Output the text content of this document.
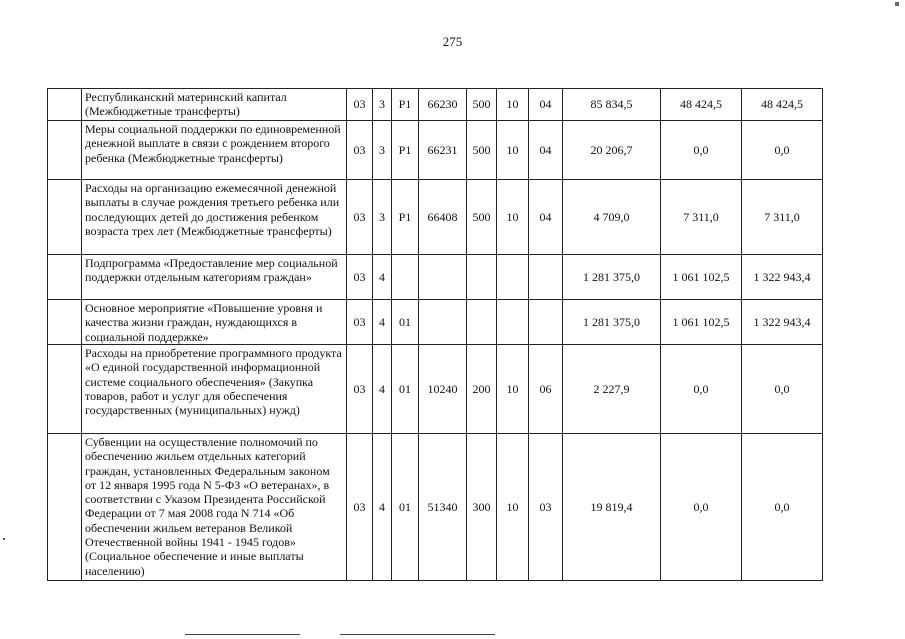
275
	Республиканский материнский капитал (Межбюджетные трансферты)	03	3	P1	66230	500	10	04	85 834,5	48 424,5	48 424,5
	Меры социальной поддержки по единовременной денежной выплате в связи с рождением второго ребенка (Межбюджетные трансферты)	03	3	P1	66231	500	10	04	20 206,7	0,0	0,0
	Расходы на организацию ежемесячной денежной выплаты в случае рождения третьего ребенка или последующих детей до достижения ребенком возраста трех лет (Межбюджетные трансферты)	03	3	P1	66408	500	10	04	4 709,0	7 311,0	7 311,0
	Подпрограмма «Предоставление мер социальной поддержки отдельным категориям граждан»	03	4						1 281 375,0	1 061 102,5	1 322 943,4
	Основное мероприятие «Повышение уровня и качества жизни граждан, нуждающихся в социальной поддержке»	03	4	01					1 281 375,0	1 061 102,5	1 322 943,4
	Расходы на приобретение программного продукта «О единой государственной информационной системе социального обеспечения» (Закупка товаров, работ и услуг для обеспечения государственных (муниципальных) нужд)	03	4	01	10240	200	10	06	2 227,9	0,0	0,0
	Субвенции на осуществление полномочий по обеспечению жильем отдельных категорий граждан, установленных Федеральным законом от 12 января 1995 года N 5-ФЗ «О ветеранах», в соответствии с Указом Президента Российской Федерации от 7 мая 2008 года N 714 «Об обеспечении жильем ветеранов Великой Отечественной войны 1941 - 1945 годов» (Социальное обеспечение и иные выплаты населению)	03	4	01	51340	300	10	03	19 819,4	0,0	0,0
